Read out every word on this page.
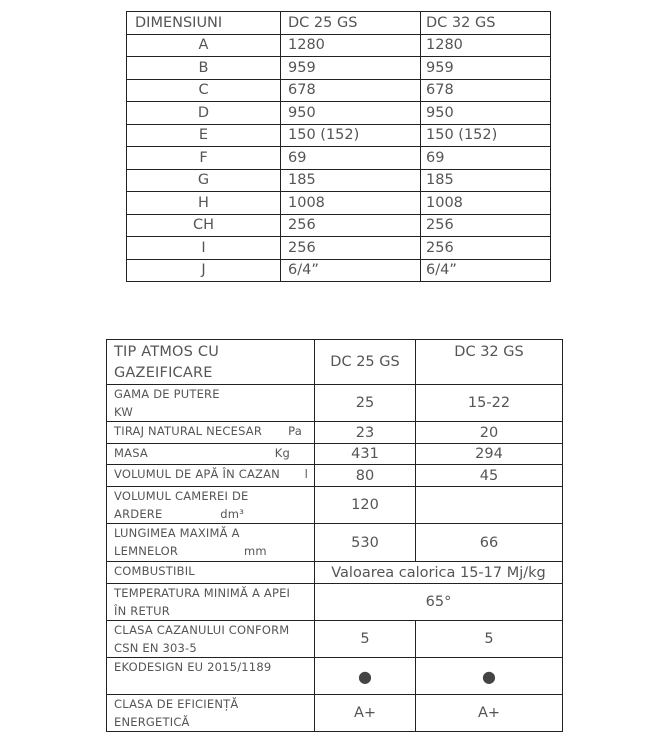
DIMENSIUNI	DC 25 GS	DC 32 GS
A	1280	1280
B	959	959
C	678	678
D	950	950
E	150 (152)	150 (152)
F	69	69
G	185	185
H	1008	1008
CH	256	256
I	256	256
J	6/4”	6/4”
TIP ATMOS CU
GAZEIFICARE	DC 25 GS	DC 32 GS

GAMA DE PUTERE
KW	25	15-22
TIRAJ NATURAL NECESAR Pa	23	20
MASA Kg	431	294
VOLUMUL DE APĂ ÎN CAZAN l	80	45

VOLUMUL CAMEREI DE
ARDERE dm³	120	

LUNGIMEA MAXIMĂ A
LEMNELOR mm	530	66
COMBUSTIBIL	Valoarea calorica 15-17 Mj/kg	

TEMPERATURA MINIMĂ A APEI
ÎN RETUR	65°	

CLASA CAZANULUI CONFORM
CSN EN 303-5	5	5
EKODESIGN EU 2015/1189	●	●

CLASA DE EFICIENȚĂ
ENERGETICĂ	A+	A+
